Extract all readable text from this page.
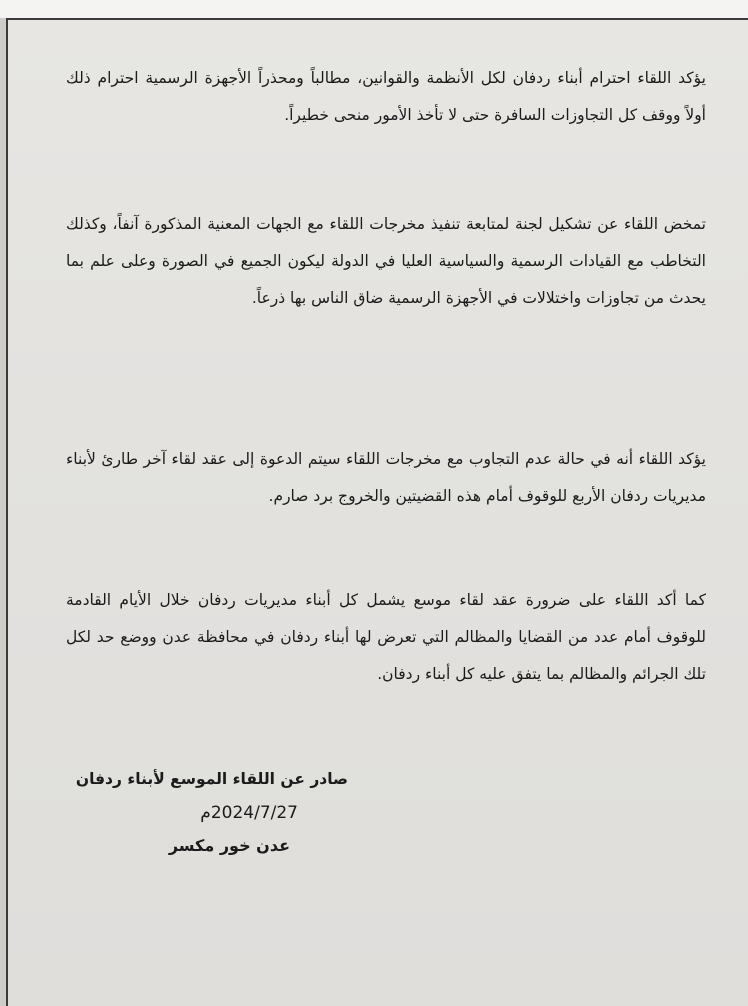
يؤكد اللقاء احترام أبناء ردفان لكل الأنظمة والقوانين، مطالباً ومحذراً الأجهزة الرسمية احترام ذلك أولاً ووقف كل التجاوزات السافرة حتى لا تأخذ الأمور منحى خطيراً.

تمخض اللقاء عن تشكيل لجنة لمتابعة تنفيذ مخرجات اللقاء مع الجهات المعنية المذكورة آنفاً، وكذلك التخاطب مع القيادات الرسمية والسياسية العليا في الدولة ليكون الجميع في الصورة وعلى علم بما يحدث من تجاوزات واختلالات في الأجهزة الرسمية ضاق الناس بها ذرعاً.

يؤكد اللقاء أنه في حالة عدم التجاوب مع مخرجات اللقاء سيتم الدعوة إلى عقد لقاء آخر طارئ لأبناء مديريات ردفان الأربع للوقوف أمام هذه القضيتين والخروج برد صارم.

كما أكد اللقاء على ضرورة عقد لقاء موسع يشمل كل أبناء مديريات ردفان خلال الأيام القادمة للوقوف أمام عدد من القضايا والمظالم التي تعرض لها أبناء ردفان في محافظة عدن ووضع حد لكل تلك الجرائم والمظالم بما يتفق عليه كل أبناء ردفان.

صادر عن اللقاء الموسع لأبناء ردفان

2024/7/27م

عدن خور مكسر
